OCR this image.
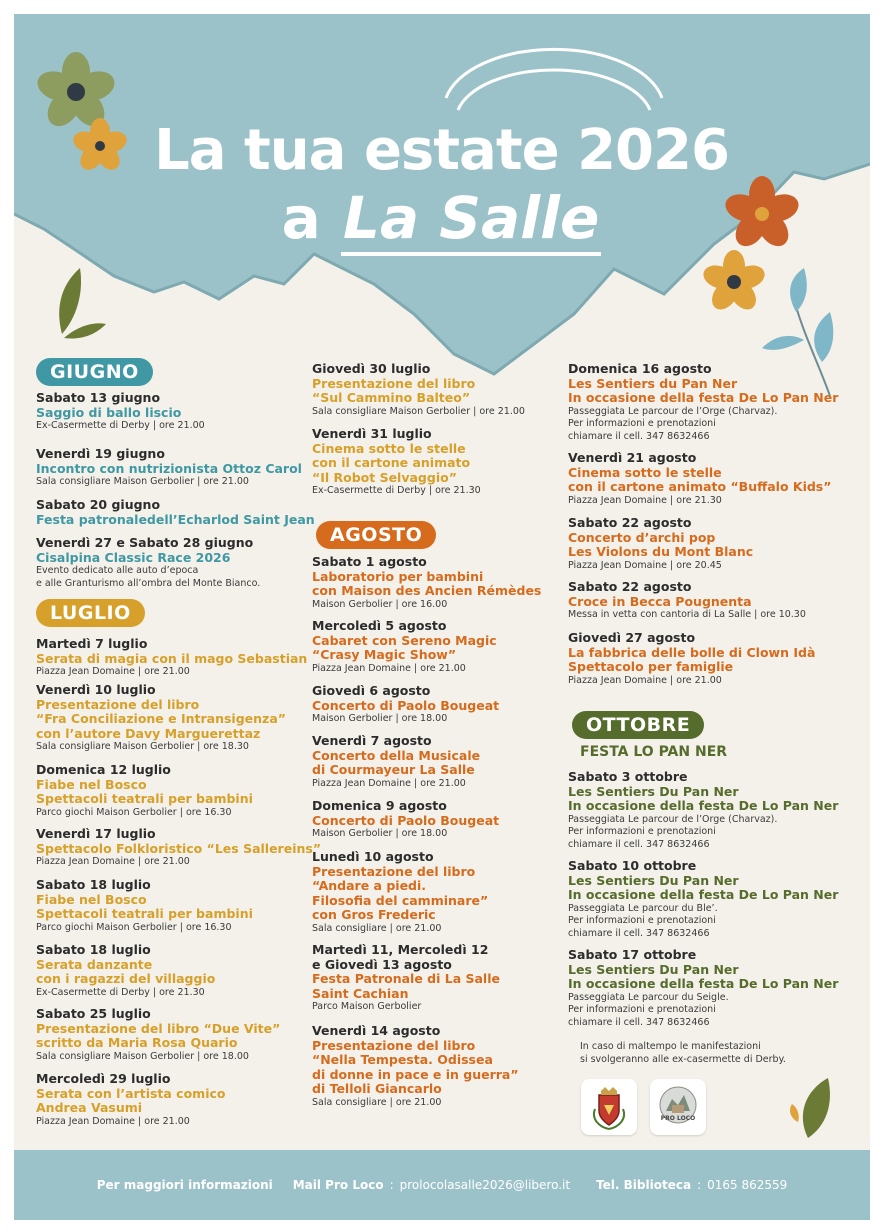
La tua estate 2026
a La Salle
GIUGNO
LUGLIO
AGOSTO
OTTOBRE
FESTA LO PAN NER
Sabato 13 giugno
Saggio di ballo liscio
Ex-Casermette di Derby | ore 21.00
Venerdì 19 giugno
Incontro con nutrizionista Ottoz Carol
Sala consigliare Maison Gerbolier | ore 21.00
Sabato 20 giugno
Festa patronaledell’Echarlod Saint Jean
Venerdì 27 e Sabato 28 giugno
Cisalpina Classic Race 2026
Evento dedicato alle auto d’epoca
e alle Granturismo all’ombra del Monte Bianco.
Martedì 7 luglio
Serata di magia con il mago Sebastian
Piazza Jean Domaine | ore 21.00
Venerdì 10 luglio
Presentazione del libro
“Fra Conciliazione e Intransigenza”
con l’autore Davy Marguerettaz
Sala consigliare Maison Gerbolier | ore 18.30
Domenica 12 luglio
Fiabe nel Bosco
Spettacoli teatrali per bambini
Parco giochi Maison Gerbolier | ore 16.30
Venerdì 17 luglio
Spettacolo Folkloristico “Les Sallereins”
Piazza Jean Domaine | ore 21.00
Sabato 18 luglio
Fiabe nel Bosco
Spettacoli teatrali per bambini
Parco giochi Maison Gerbolier | ore 16.30
Sabato 18 luglio
Serata danzante
con i ragazzi del villaggio
Ex-Casermette di Derby | ore 21.30
Sabato 25 luglio
Presentazione del libro “Due Vite”
scritto da Maria Rosa Quario
Sala consigliare Maison Gerbolier | ore 18.00
Mercoledì 29 luglio
Serata con l’artista comico
Andrea Vasumi
Piazza Jean Domaine | ore 21.00
Giovedì 30 luglio
Presentazione del libro
“Sul Cammino Balteo”
Sala consigliare Maison Gerbolier | ore 21.00
Venerdì 31 luglio
Cinema sotto le stelle
con il cartone animato
“Il Robot Selvaggio”
Ex-Casermette di Derby | ore 21.30
Sabato 1 agosto
Laboratorio per bambini
con Maison des Ancien Rémèdes
Maison Gerbolier | ore 16.00
Mercoledì 5 agosto
Cabaret con Sereno Magic
“Crasy Magic Show”
Piazza Jean Domaine | ore 21.00
Giovedì 6 agosto
Concerto di Paolo Bougeat
Maison Gerbolier | ore 18.00
Venerdì 7 agosto
Concerto della Musicale
di Courmayeur La Salle
Piazza Jean Domaine | ore 21.00
Domenica 9 agosto
Concerto di Paolo Bougeat
Maison Gerbolier | ore 18.00
Lunedì 10 agosto
Presentazione del libro
“Andare a piedi.
Filosofia del camminare”
con Gros Frederic
Sala consigliare | ore 21.00
Martedì 11, Mercoledì 12
e Giovedì 13 agosto
Festa Patronale di La Salle
Saint Cachian
Parco Maison Gerbolier
Venerdì 14 agosto
Presentazione del libro
“Nella Tempesta. Odissea
di donne in pace e in guerra”
di Telloli Giancarlo
Sala consigliare | ore 21.00
Domenica 16 agosto
Les Sentiers du Pan Ner
In occasione della festa De Lo Pan Ner
Passeggiata Le parcour de l’Orge (Charvaz).
Per informazioni e prenotazioni
chiamare il cell. 347 8632466
Venerdì 21 agosto
Cinema sotto le stelle
con il cartone animato “Buffalo Kids”
Piazza Jean Domaine | ore 21.30
Sabato 22 agosto
Concerto d’archi pop
Les Violons du Mont Blanc
Piazza Jean Domaine | ore 20.45
Sabato 22 agosto
Croce in Becca Pougnenta
Messa in vetta con cantoria di La Salle | ore 10.30
Giovedì 27 agosto
La fabbrica delle bolle di Clown Idà
Spettacolo per famiglie
Piazza Jean Domaine | ore 21.00
Sabato 3 ottobre
Les Sentiers Du Pan Ner
In occasione della festa De Lo Pan Ner
Passeggiata Le parcour de l’Orge (Charvaz).
Per informazioni e prenotazioni
chiamare il cell. 347 8632466
Sabato 10 ottobre
Les Sentiers Du Pan Ner
In occasione della festa De Lo Pan Ner
Passeggiata Le parcour du Ble’.
Per informazioni e prenotazioni
chiamare il cell. 347 8632466
Sabato 17 ottobre
Les Sentiers Du Pan Ner
In occasione della festa De Lo Pan Ner
Passeggiata Le parcour du Seigle.
Per informazioni e prenotazioni
chiamare il cell. 347 8632466
In caso di maltempo le manifestazioni
si svolgeranno alle ex-casermette di Derby.
PRO LOCO
Per maggiori informazioni Mail Pro Loco : prolocolasalle2026@libero.it Tel. Biblioteca : 0165 862559
